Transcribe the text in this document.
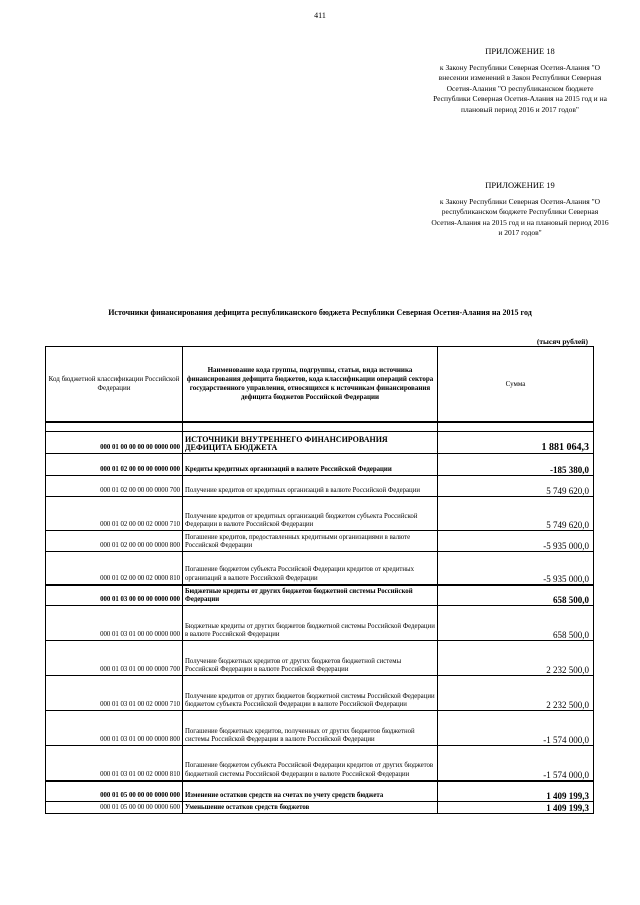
411
ПРИЛОЖЕНИЕ 18
к Закону Республики Северная Осетия-Алания "О внесении изменений в Закон Республики Северная Осетия-Алания "О республиканском бюджете Республики Северная Осетия-Алания на 2015 год и на плановый период 2016 и 2017 годов"
ПРИЛОЖЕНИЕ 19
к Закону Республики Северная Осетия-Алания "О республиканском бюджете Республики Северная Осетия-Алания на 2015 год и на плановый период 2016 и 2017 годов"
Источники финансирования дефицита республиканского бюджета Республики Северная Осетия-Алания на 2015 год
(тысяч рублей)
Код бюджетной классификации Российской Федерации	Наименование кода группы, подгруппы, статьи, вида источника финансирования дефицита бюджетов, кода классификации операций сектора государственного управления, относящихся к источникам финансирования дефицита бюджетов Российской Федерации	Сумма

000 01 00 00 00 00 0000 000	ИСТОЧНИКИ ВНУТРЕННЕГО ФИНАНСИРОВАНИЯ ДЕФИЦИТА БЮДЖЕТА	1 881 064,3
000 01 02 00 00 00 0000 000	Кредиты кредитных организаций в валюте Российской Федерации	-185 380,0
000 01 02 00 00 00 0000 700	Получение кредитов от кредитных организаций в валюте Российской Федерации	5 749 620,0
000 01 02 00 00 02 0000 710	Получение кредитов от кредитных организаций бюджетом субъекта Российской Федерации в валюте Российской Федерации	5 749 620,0
000 01 02 00 00 00 0000 800	Погашение кредитов, предоставленных кредитными организациями в валюте Российской Федерации	-5 935 000,0
000 01 02 00 00 02 0000 810	Погашение бюджетом субъекта Российской Федерации кредитов от кредитных организаций в валюте Российской Федерации	-5 935 000,0
000 01 03 00 00 00 0000 000	Бюджетные кредиты от других бюджетов бюджетной системы Российской Федерации	658 500,0
000 01 03 01 00 00 0000 000	Бюджетные кредиты от других бюджетов бюджетной системы Российской Федерации в валюте Российской Федерации	658 500,0
000 01 03 01 00 00 0000 700	Получение бюджетных кредитов от других бюджетов бюджетной системы Российской Федерации в валюте Российской Федерации	2 232 500,0
000 01 03 01 00 02 0000 710	Получение кредитов от других бюджетов бюджетной системы Российской Федерации бюджетом субъекта Российской Федерации в валюте Российской Федерации	2 232 500,0
000 01 03 01 00 00 0000 800	Погашение бюджетных кредитов, полученных от других бюджетов бюджетной системы Российской Федерации в валюте Российской Федерации	-1 574 000,0
000 01 03 01 00 02 0000 810	Погашение бюджетом субъекта Российской Федерации кредитов от других бюджетов бюджетной системы Российской Федерации в валюте Российской Федерации	-1 574 000,0
000 01 05 00 00 00 0000 000	Изменение остатков средств на счетах по учету средств бюджета	1 409 199,3
000 01 05 00 00 00 0000 600	Уменьшение остатков средств бюджетов	1 409 199,3
